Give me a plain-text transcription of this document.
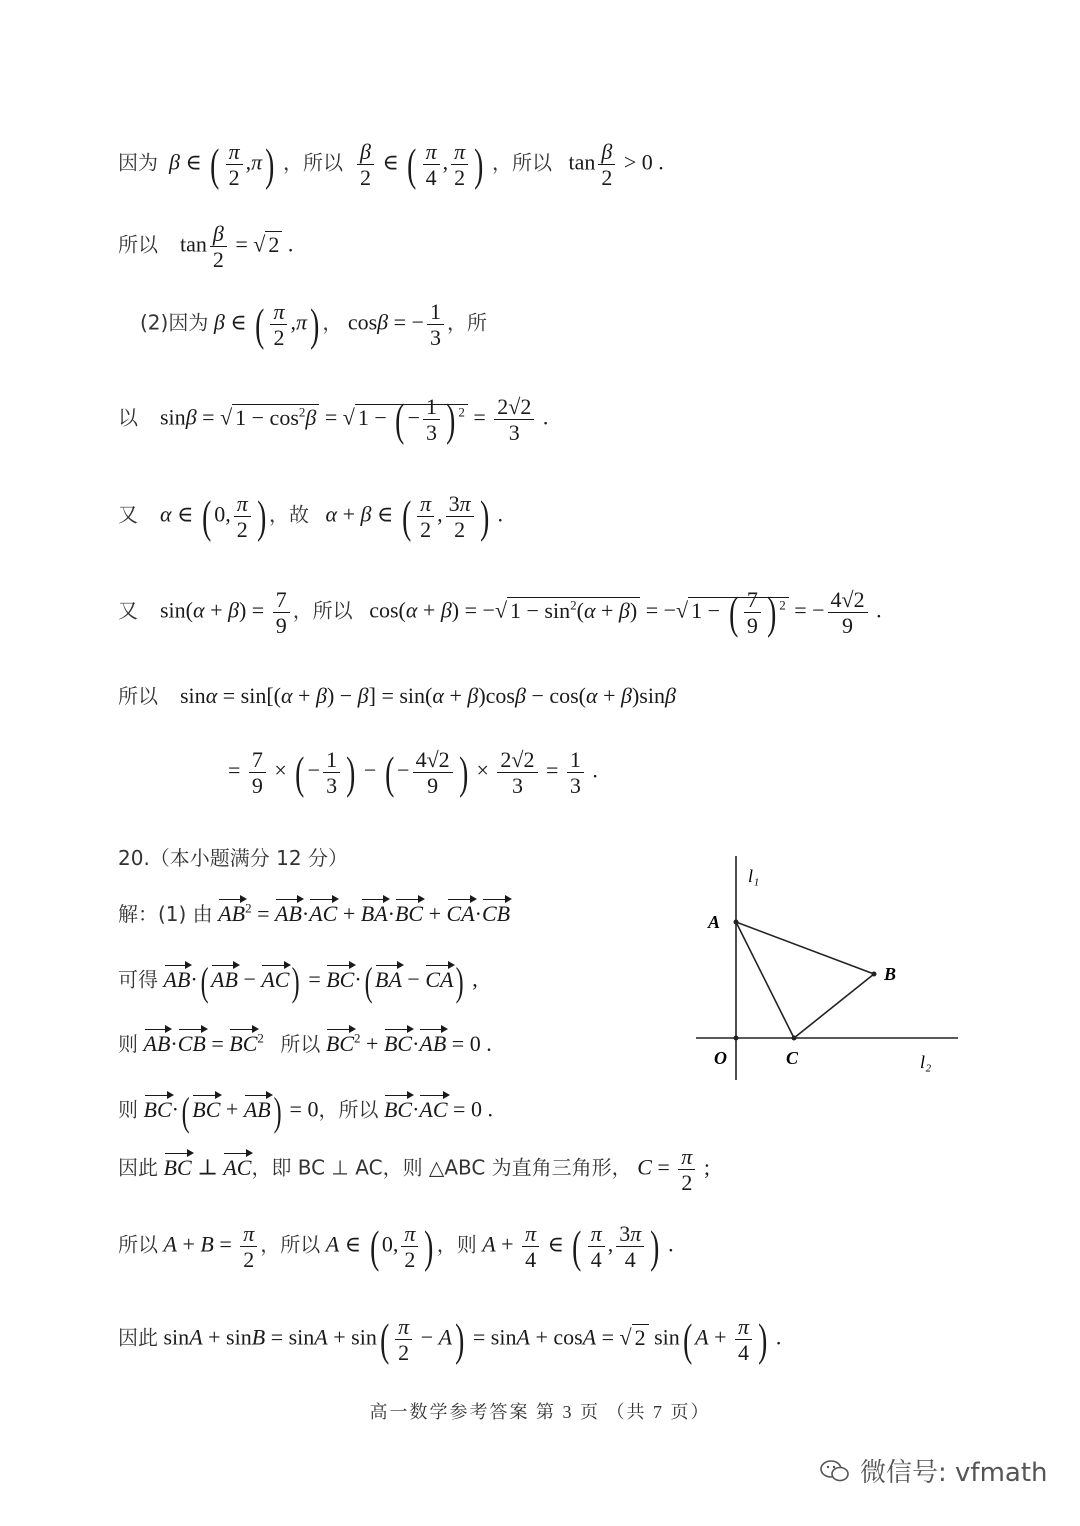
因为 β ∈ ( $\frac{\pi}{2} ,\pi$) ，所以 $\frac{\beta}{2}$ ∈ ( $\frac{\pi}{4}$ , $\frac{\pi}{2}$ ) ，所以   $\tan \frac{\beta}{2} > 0$ .
所以    $\tan \frac{\beta}{2}$ = √ 2 .
(2)因为 β ∈ ( $\frac{\pi}{2} ,\pi$) ， cosβ = − $\frac{1}{3}$ ，所
以    sinβ = √ $1 - \cos^2\beta$ = √ 1 − ( − $\frac{1}{3}$ ) $^2 = \frac{2√2}{3}$ .
又 α ∈ ( 0, $\frac{\pi}{2}$ ) ，故 α + β ∈ ( $\frac{\pi}{2}$ , $\frac{3\pi}{2}$ ) .
又    $\sin(\alpha + \beta) = \frac{7}{9}$ ，所以   cos(α + β) = −√ $1 - \sin^2(\alpha + \beta)$ = −√ 1 − ( $\frac{7}{9}$ ) $^2$ = − $\frac{4√2}{9}$ .
所以    sinα = sin[(α + β) − β] = sin(α + β)cosβ − cos(α + β)sinβ
= $\frac{7}{9}$ × ( − $\frac{1}{3}$ ) − ( − $\frac{4√2}{9}$ ) × $\frac{2√2}{3} = \frac{1}{3}$ .
20.（本小题满分 12 分）
解：(1) 由 $AB^2 = AB\cdot AC + BA\cdot BC + CA\cdot CB$
可得 AB·( AB − AC) = BC·( BA − CA) ,
则 $AB\cdot CB = BC^2$ 所以 $BC^2 + BC\cdot AB = 0$ .
则 BC·( BC + AB) = 0，所以 BC·AC = 0 .
因此 BC ⊥ AC，即 BC ⊥ AC，则 △ABC 为直角三角形， $C = \frac{\pi}{2}$ ;
所以 $A + B = \frac{\pi}{2}$ ，所以 A ∈ ( 0, $\frac{\pi}{2}$ ) ，则 $A + \frac{\pi}{4}$ ∈ ( $\frac{\pi}{4}$ , $\frac{3\pi}{4}$ ) .
因此 $\sin A + \sin B = \sin A + \sin( \frac{\pi}{2} - A) = \sin A + \cos A$ = √ 2 sin( $A + \frac{\pi}{4}$ ) .
l₁
l₂
A
B
C
O
高一数学参考答案 第 3 页 （共 7 页）
微信号: vfmath
